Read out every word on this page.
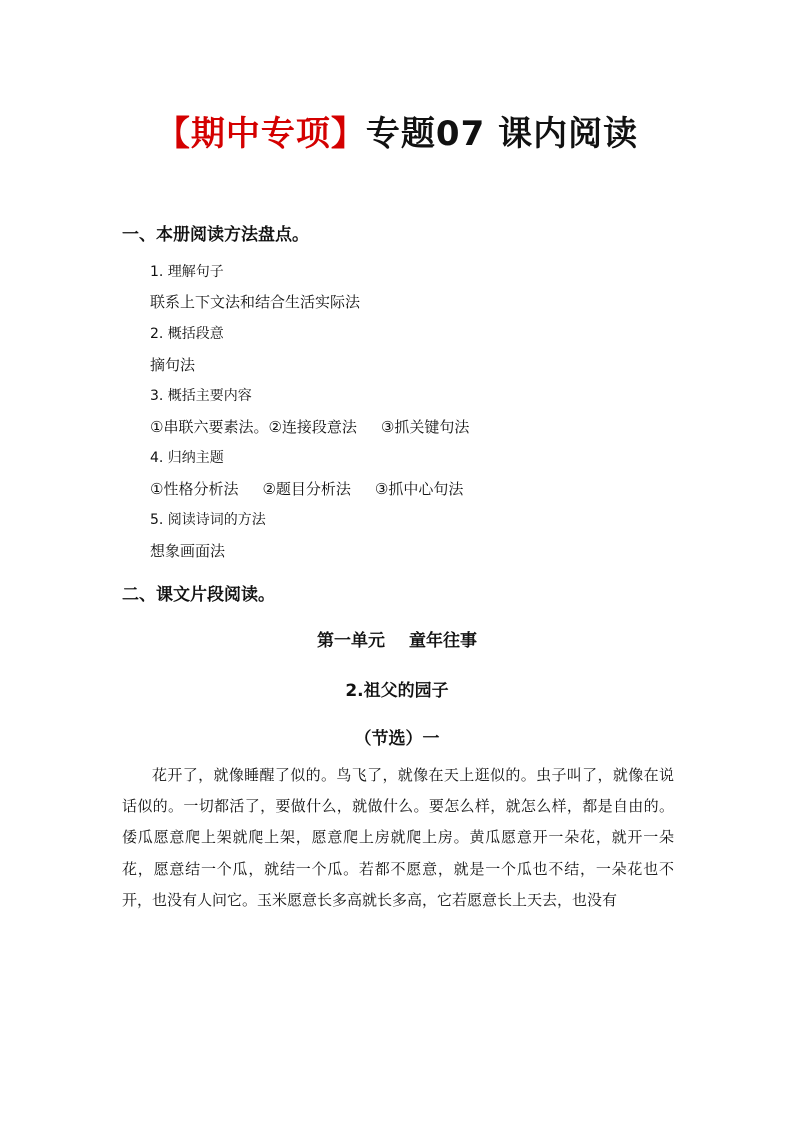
【期中专项】专题07 课内阅读
一、本册阅读方法盘点。

1. 理解句子

联系上下文法和结合生活实际法

2. 概括段意

摘句法

3. 概括主要内容

①串联六要素法。②连接段意法 ③抓关键句法

4. 归纳主题

①性格分析法 ②题目分析法 ③抓中心句法

5. 阅读诗词的方法

想象画面法

二、课文片段阅读。
第一单元 童年往事
2.祖父的园子
（节选）一

花开了，就像睡醒了似的。鸟飞了，就像在天上逛似的。虫子叫了，就像在说话似的。一切都活了，要做什么，就做什么。要怎么样，就怎么样，都是自由的。倭瓜愿意爬上架就爬上架，愿意爬上房就爬上房。黄瓜愿意开一朵花，就开一朵花，愿意结一个瓜，就结一个瓜。若都不愿意，就是一个瓜也不结，一朵花也不开，也没有人问它。玉米愿意长多高就长多高，它若愿意长上天去，也没有
